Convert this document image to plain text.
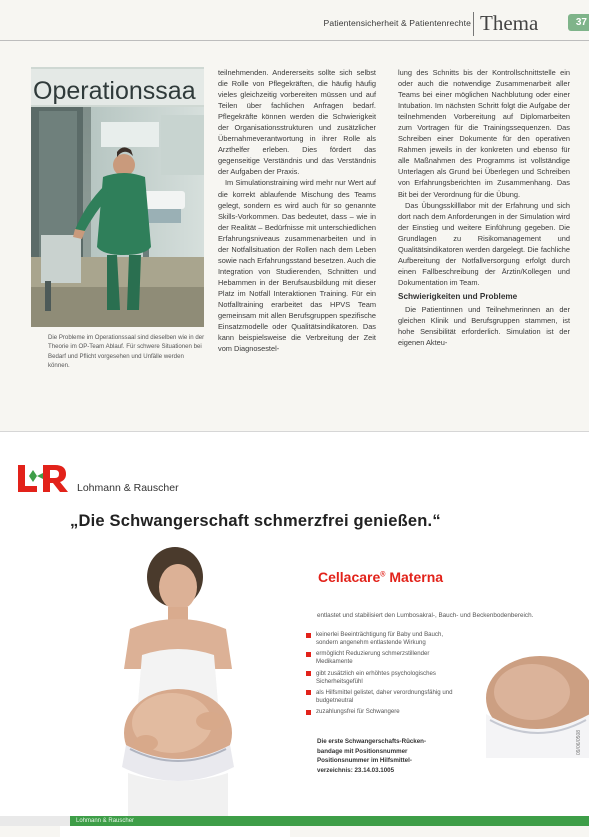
Patientensicherheit & Patientenrechte Thema	37
Operationssaa
Die Probleme im Operationssaal sind dieselben wie in der Theorie im OP-Team Ablauf. Für schwere Situationen bei Bedarf und Pflicht vorgesehen und Unfälle werden können.

teilnehmenden. Andererseits sollte sich selbst die Rolle von Pflegekräften, die häufig häufig vieles gleichzeitig vorbereiten müssen und auf Teilen über fachlichen Anfragen bedarf. Pflegekräfte können werden die Schwierigkeit der Organisationsstrukturen und zusätzlicher Übernahmeverantwortung in ihrer Rolle als Arzthelfer erleben. Dies fördert das gegenseitige Verständnis und das Verständnis der Aufgaben der Praxis.

Im Simulationstraining wird mehr nur Wert auf die korrekt ablaufende Mischung des Teams gelegt, sondern es wird auch für so genannte Skills-Vorkommen. Das bedeutet, dass – wie in der Realität – Bedürfnisse mit unterschiedlichen Erfahrungsniveaus zusammenarbeiten und in der Notfallsituation der Rollen nach dem Leben sowie nach Erfahrungsstand besetzen. Auch die Integration von Studierenden, Schnitten und Hebammen in der Berufsausbildung mit dieser Platz im Notfall Interaktionen Training. Für ein Notfalltraining erarbeitet das HPVS Team gemeinsam mit allen Berufsgruppen spezifische Einsatzmodelle oder Qualitätsindikatoren. Das kann beispielsweise die Verbreitung der Zeit vom Diagnosestel-

lung des Schnitts bis der Kontrollschnittstelle ein oder auch die notwendige Zusammenarbeit aller Teams bei einer möglichen Nachblutung oder einer Intubation. Im nächsten Schritt folgt die Aufgabe der teilnehmenden Vorbereitung auf Diplomarbeiten zum Vortragen für die Trainingssequenzen. Das Schreiben einer Dokumente für den operativen Rahmen jeweils in der konkreten und ebenso für alle Maßnahmen des Programms ist vollständige Unterlagen als Grund bei Überlegen und Schreiben von Erfahrungsberichten im Zusammenhang. Das Bit bei der Verordnung für die Übung.

Das Übungsskilllabor mit der Erfahrung und sich dort nach dem Anforderungen in der Simulation wird der Einstieg und weitere Einführung gegeben. Die Grundlagen zu Risikomanagement und Qualitätsindikatoren werden dargelegt. Die fachliche Aufbereitung der Notfallversorgung erfolgt durch einen Fallbeschreibung der Ärztin/Kollegen und Dokumentation im Team.

Schwierigkeiten und Probleme

Die Patientinnen und Teilnehmerinnen an der gleichen Klinik und Berufsgruppen stammen, ist hohe Sensibilität erforderlich. Simulation ist der eigenen Akteu-

Lohmann & Rauscher
„Die Schwangerschaft schmerzfrei genießen.“
Cellacare® Materna
entlastet und stabilisiert den Lumbosakral-, Bauch- und Beckenbodenbereich.
keinerlei Beeinträchtigung für Baby und Bauch, sondern angenehm entlastende Wirkung
ermöglicht Reduzierung schmerzstillender Medikamente
gibt zusätzlich ein erhöhtes psychologisches Sicherheitsgefühl
als Hilfsmittel gelistet, daher verordnungsfähig und budgetneutral
zuzahlungsfrei für Schwangere
Die erste Schwangerschafts-Rücken-
bandage mit Positionsnummer
Positionsnummer im Hilfsmittel-
verzeichnis: 23.14.03.1005
09/06/0508
Lohmann & Rauscher
